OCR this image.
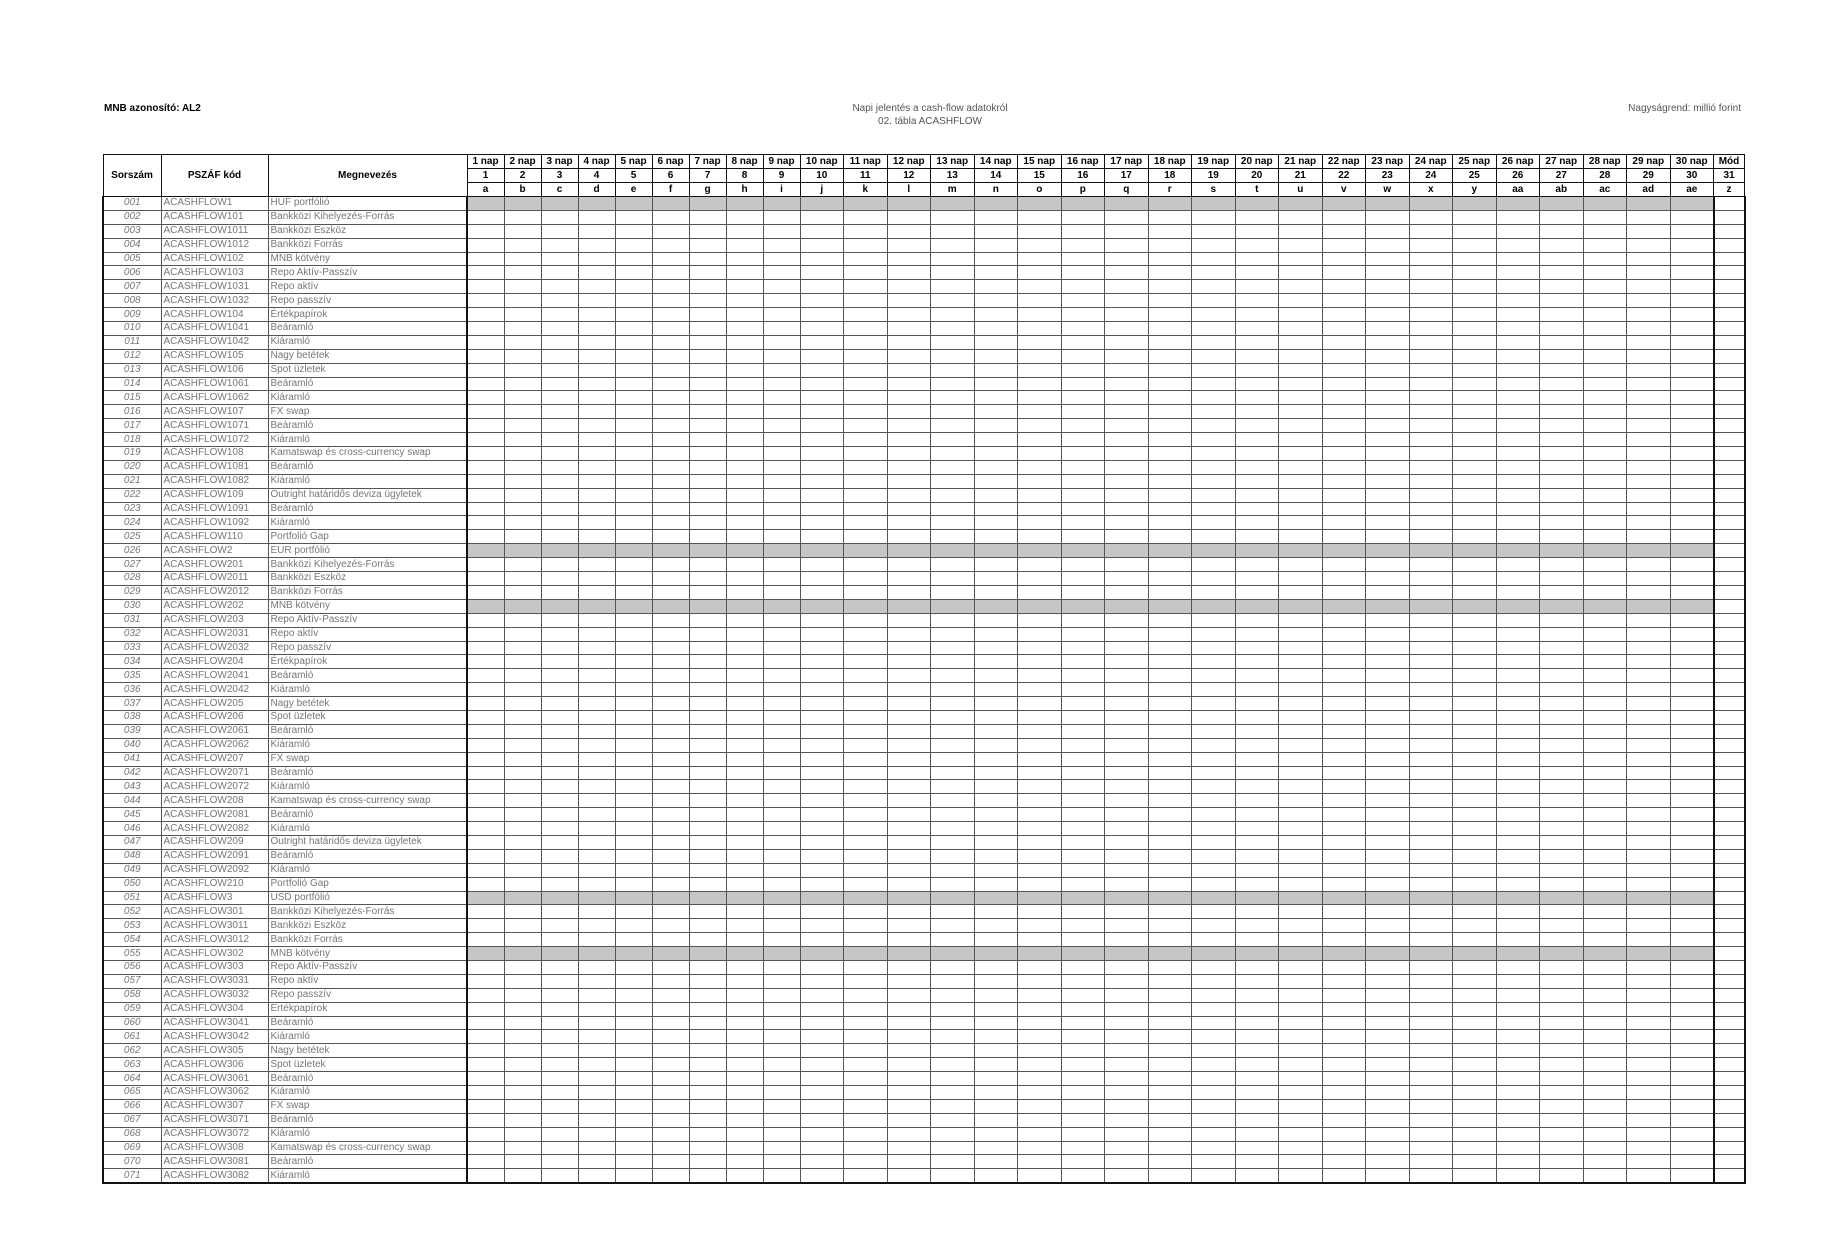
MNB azonosító: AL2	Napi jelentés a cash-flow adatokról
02. tábla ACASHFLOW
Nagyságrend: millió forint
Sorszám	PSZÁF kód	Megnevezés	1 nap	2 nap	3 nap	4 nap	5 nap	6 nap	7 nap	8 nap	9 nap	10 nap	11 nap	12 nap	13 nap	14 nap	15 nap	16 nap	17 nap	18 nap	19 nap	20 nap	21 nap	22 nap	23 nap	24 nap	25 nap	26 nap	27 nap	28 nap	29 nap	30 nap	Mód
			1	2	3	4	5	6	7	8	9	10	11	12	13	14	15	16	17	18	19	20	21	22	23	24	25	26	27	28	29	30	31
			a	b	c	d	e	f	g	h	i	j	k	l	m	n	o	p	q	r	s	t	u	v	w	x	y	aa	ab	ac	ad	ae	z
001	ACASHFLOW1	HUF portfólió																															
002	ACASHFLOW101	Bankközi Kihelyezés-Forrás																															
003	ACASHFLOW1011	Bankközi Eszköz																															
004	ACASHFLOW1012	Bankközi Forrás																															
005	ACASHFLOW102	MNB kötvény																															
006	ACASHFLOW103	Repo Aktív-Passzív																															
007	ACASHFLOW1031	Repo aktív																															
008	ACASHFLOW1032	Repo passzív																															
009	ACASHFLOW104	Értékpapírok																															
010	ACASHFLOW1041	Beáramló																															
011	ACASHFLOW1042	Kiáramló																															
012	ACASHFLOW105	Nagy betétek																															
013	ACASHFLOW106	Spot üzletek																															
014	ACASHFLOW1061	Beáramló																															
015	ACASHFLOW1062	Kiáramló																															
016	ACASHFLOW107	FX swap																															
017	ACASHFLOW1071	Beáramló																															
018	ACASHFLOW1072	Kiáramló																															
019	ACASHFLOW108	Kamatswap és cross-currency swap																															
020	ACASHFLOW1081	Beáramló																															
021	ACASHFLOW1082	Kiáramló																															
022	ACASHFLOW109	Outright határidős deviza ügyletek																															
023	ACASHFLOW1091	Beáramló																															
024	ACASHFLOW1092	Kiáramló																															
025	ACASHFLOW110	Portfolió Gap																															
026	ACASHFLOW2	EUR portfólió																															
027	ACASHFLOW201	Bankközi Kihelyezés-Forrás																															
028	ACASHFLOW2011	Bankközi Eszköz																															
029	ACASHFLOW2012	Bankközi Forrás																															
030	ACASHFLOW202	MNB kötvény																															
031	ACASHFLOW203	Repo Aktív-Passzív																															
032	ACASHFLOW2031	Repo aktív																															
033	ACASHFLOW2032	Repo passzív																															
034	ACASHFLOW204	Értékpapírok																															
035	ACASHFLOW2041	Beáramló																															
036	ACASHFLOW2042	Kiáramló																															
037	ACASHFLOW205	Nagy betétek																															
038	ACASHFLOW206	Spot üzletek																															
039	ACASHFLOW2061	Beáramló																															
040	ACASHFLOW2062	Kiáramló																															
041	ACASHFLOW207	FX swap																															
042	ACASHFLOW2071	Beáramló																															
043	ACASHFLOW2072	Kiáramló																															
044	ACASHFLOW208	Kamatswap és cross-currency swap																															
045	ACASHFLOW2081	Beáramló																															
046	ACASHFLOW2082	Kiáramló																															
047	ACASHFLOW209	Outright határidős deviza ügyletek																															
048	ACASHFLOW2091	Beáramló																															
049	ACASHFLOW2092	Kiáramló																															
050	ACASHFLOW210	Portfolió Gap																															
051	ACASHFLOW3	USD portfólió																															
052	ACASHFLOW301	Bankközi Kihelyezés-Forrás																															
053	ACASHFLOW3011	Bankközi Eszköz																															
054	ACASHFLOW3012	Bankközi Forrás																															
055	ACASHFLOW302	MNB kötvény																															
056	ACASHFLOW303	Repo Aktív-Passzív																															
057	ACASHFLOW3031	Repo aktív																															
058	ACASHFLOW3032	Repo passzív																															
059	ACASHFLOW304	Értékpapírok																															
060	ACASHFLOW3041	Beáramló																															
061	ACASHFLOW3042	Kiáramló																															
062	ACASHFLOW305	Nagy betétek																															
063	ACASHFLOW306	Spot üzletek																															
064	ACASHFLOW3061	Beáramló																															
065	ACASHFLOW3062	Kiáramló																															
066	ACASHFLOW307	FX swap																															
067	ACASHFLOW3071	Beáramló																															
068	ACASHFLOW3072	Kiáramló																															
069	ACASHFLOW308	Kamatswap és cross-currency swap																															
070	ACASHFLOW3081	Beáramló																															
071	ACASHFLOW3082	Kiáramló																															
